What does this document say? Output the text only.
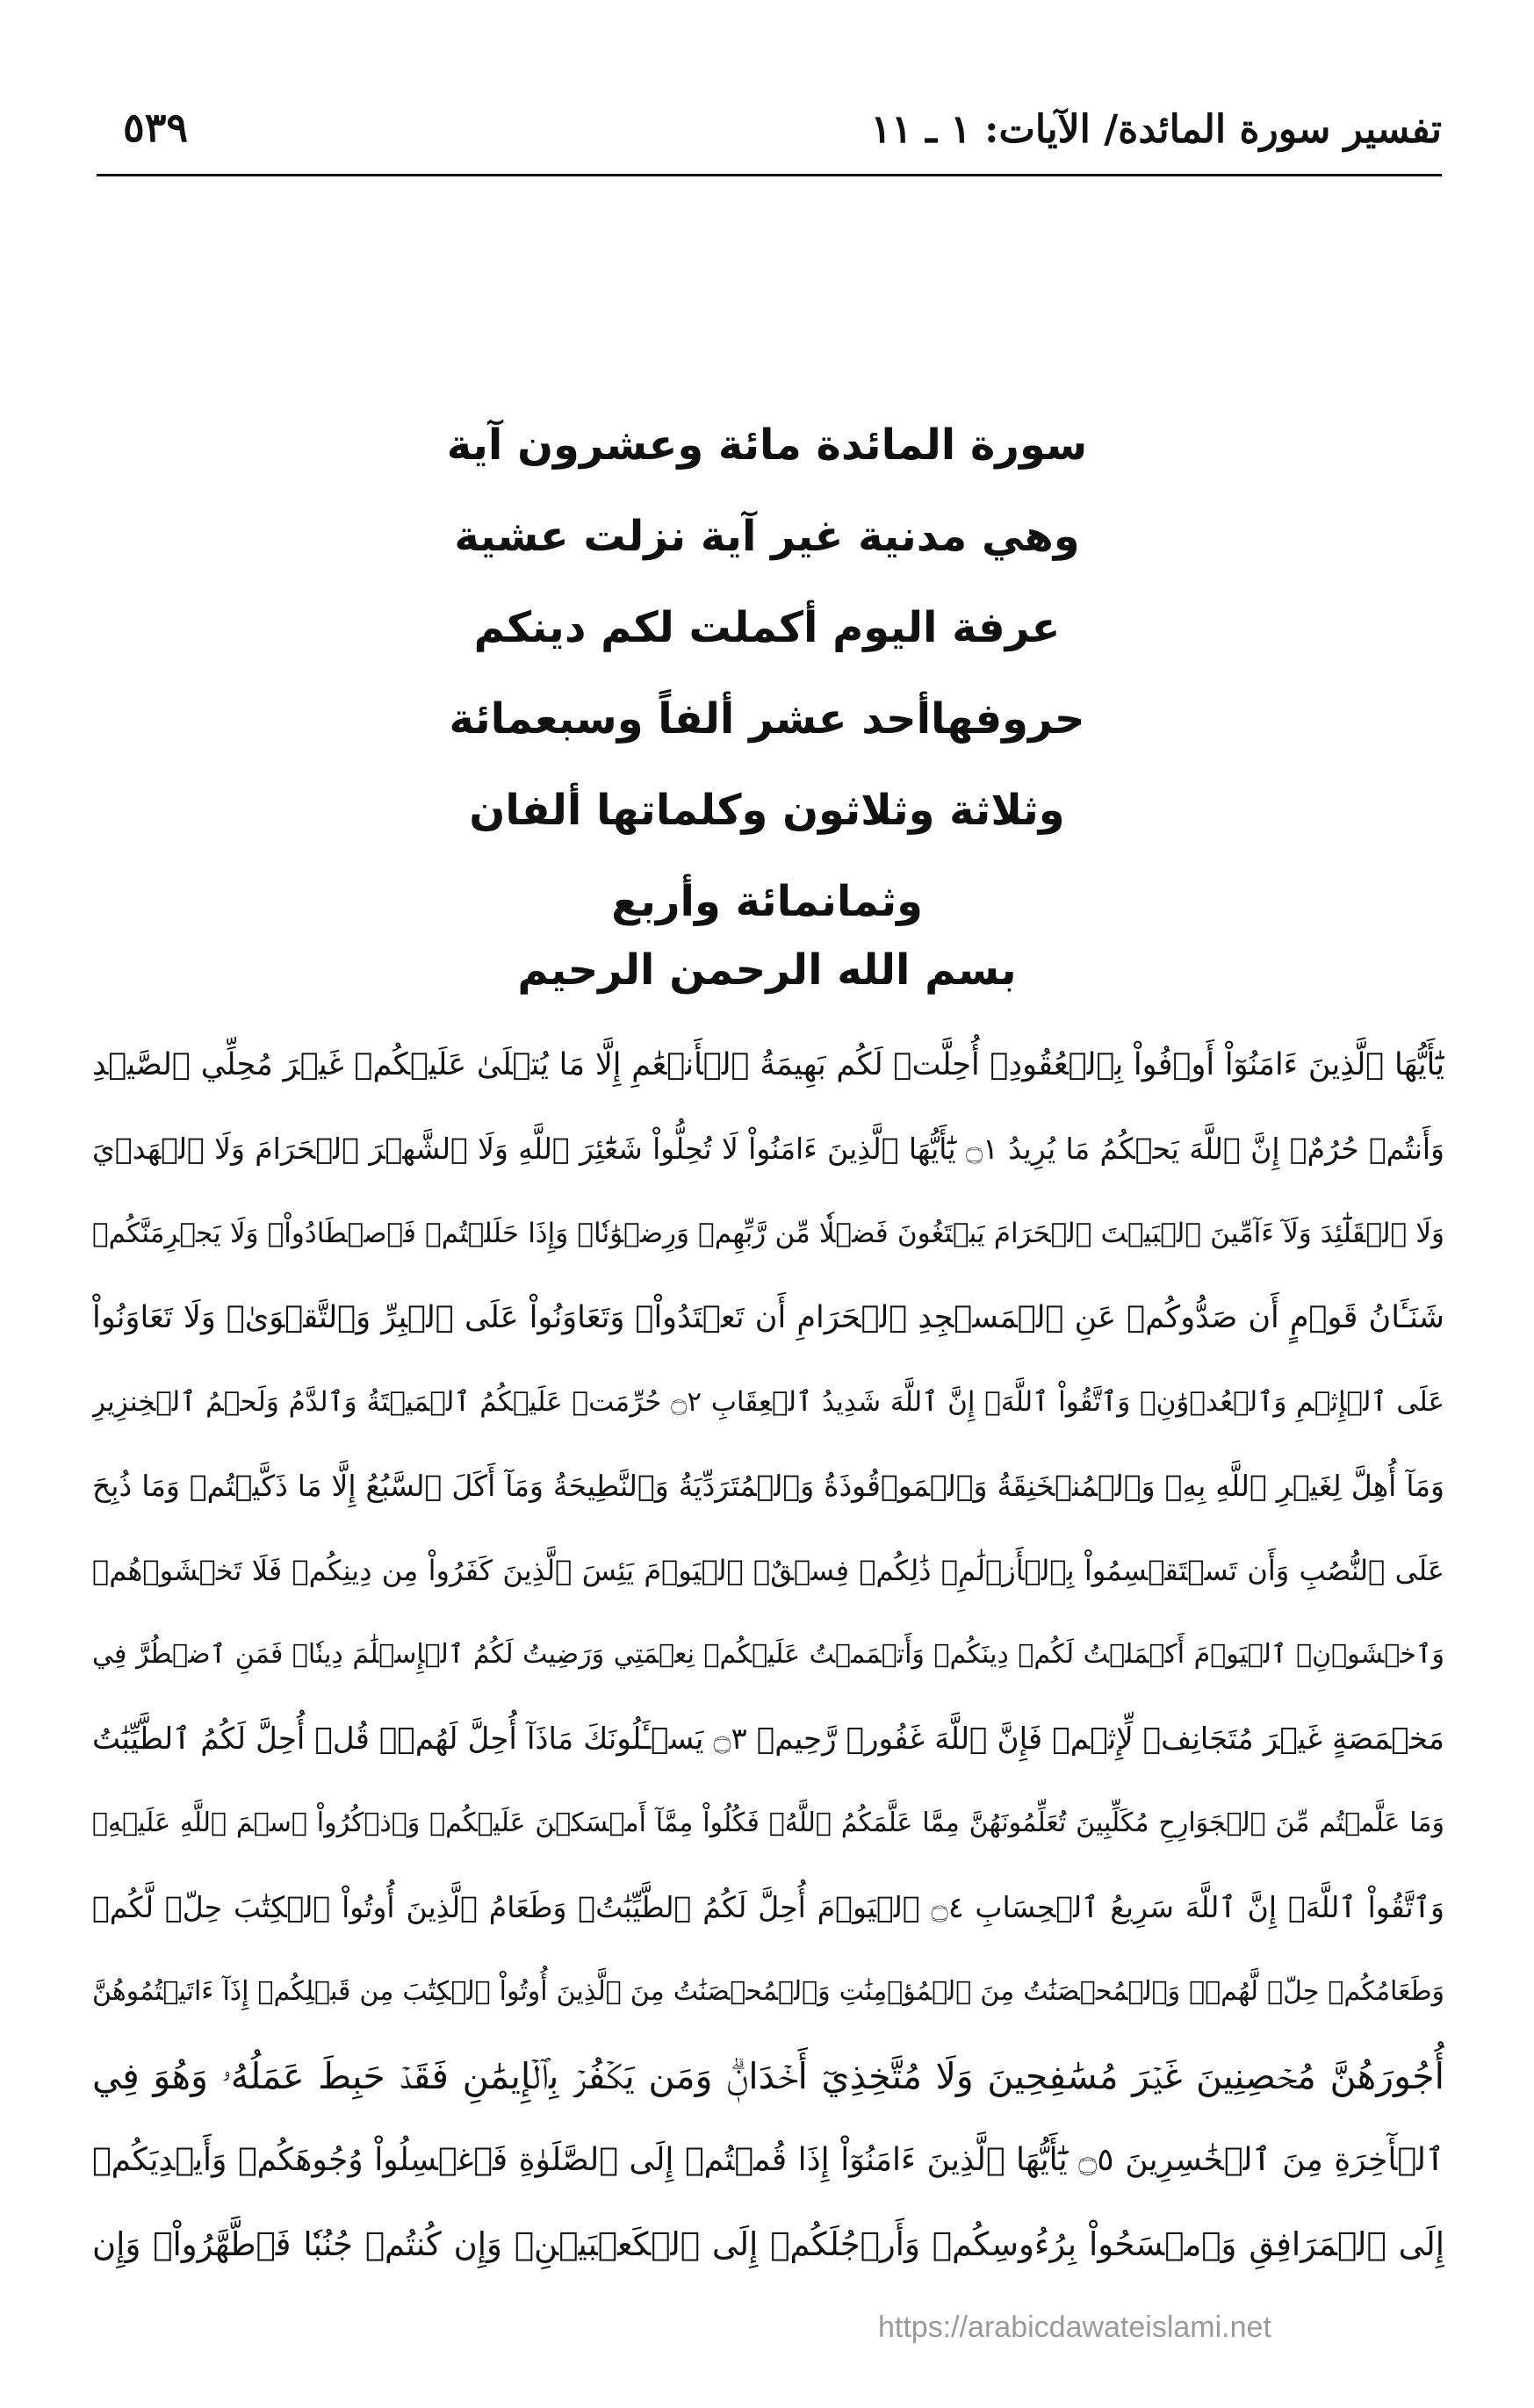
تفسير سورة المائدة/ الآيات: ١ ـ ١١
٥٣٩
سورة المائدة مائة وعشرون آية
وهي مدنية غير آية نزلت عشية
عرفة اليوم أكملت لكم دينكم
حروفهاأحد عشر ألفاً وسبعمائة
وثلاثة وثلاثون وكلماتها ألفان
وثمانمائة وأربع
بسم الله الرحمن الرحيم
يَٰٓأَيُّهَا ٱلَّذِينَ ءَامَنُوٓاْ أَوۡفُواْ بِٱلۡعُقُودِۚ أُحِلَّتۡ لَكُم بَهِيمَةُ ٱلۡأَنۡعَٰمِ إِلَّا مَا يُتۡلَىٰ عَلَيۡكُمۡ غَيۡرَ مُحِلِّي ٱلصَّيۡدِ
وَأَنتُمۡ حُرُمٌۗ إِنَّ ٱللَّهَ يَحۡكُمُ مَا يُرِيدُ ۝١ يَٰٓأَيُّهَا ٱلَّذِينَ ءَامَنُواْ لَا تُحِلُّواْ شَعَٰٓئِرَ ٱللَّهِ وَلَا ٱلشَّهۡرَ ٱلۡحَرَامَ وَلَا ٱلۡهَدۡيَ
وَلَا ٱلۡقَلَٰٓئِدَ وَلَآ ءَآمِّينَ ٱلۡبَيۡتَ ٱلۡحَرَامَ يَبۡتَغُونَ فَضۡلٗا مِّن رَّبِّهِمۡ وَرِضۡوَٰنٗاۚ وَإِذَا حَلَلۡتُمۡ فَٱصۡطَادُواْۚ وَلَا يَجۡرِمَنَّكُمۡ
شَنَـَٔانُ قَوۡمٍ أَن صَدُّوكُمۡ عَنِ ٱلۡمَسۡجِدِ ٱلۡحَرَامِ أَن تَعۡتَدُواْۘ وَتَعَاوَنُواْ عَلَى ٱلۡبِرِّ وَٱلتَّقۡوَىٰۖ وَلَا تَعَاوَنُواْ
عَلَى ٱلۡإِثۡمِ وَٱلۡعُدۡوَٰنِۚ وَٱتَّقُواْ ٱللَّهَۖ إِنَّ ٱللَّهَ شَدِيدُ ٱلۡعِقَابِ ۝٢ حُرِّمَتۡ عَلَيۡكُمُ ٱلۡمَيۡتَةُ وَٱلدَّمُ وَلَحۡمُ ٱلۡخِنزِيرِ
وَمَآ أُهِلَّ لِغَيۡرِ ٱللَّهِ بِهِۦ وَٱلۡمُنۡخَنِقَةُ وَٱلۡمَوۡقُوذَةُ وَٱلۡمُتَرَدِّيَةُ وَٱلنَّطِيحَةُ وَمَآ أَكَلَ ٱلسَّبُعُ إِلَّا مَا ذَكَّيۡتُمۡ وَمَا ذُبِحَ
عَلَى ٱلنُّصُبِ وَأَن تَسۡتَقۡسِمُواْ بِٱلۡأَزۡلَٰمِۚ ذَٰلِكُمۡ فِسۡقٌۗ ٱلۡيَوۡمَ يَئِسَ ٱلَّذِينَ كَفَرُواْ مِن دِينِكُمۡ فَلَا تَخۡشَوۡهُمۡ
وَٱخۡشَوۡنِۚ ٱلۡيَوۡمَ أَكۡمَلۡتُ لَكُمۡ دِينَكُمۡ وَأَتۡمَمۡتُ عَلَيۡكُمۡ نِعۡمَتِي وَرَضِيتُ لَكُمُ ٱلۡإِسۡلَٰمَ دِينٗاۚ فَمَنِ ٱضۡطُرَّ فِي
مَخۡمَصَةٍ غَيۡرَ مُتَجَانِفٖ لِّإِثۡمٖ فَإِنَّ ٱللَّهَ غَفُورٞ رَّحِيمٞ ۝٣ يَسۡـَٔلُونَكَ مَاذَآ أُحِلَّ لَهُمۡۖ قُلۡ أُحِلَّ لَكُمُ ٱلطَّيِّبَٰتُ
وَمَا عَلَّمۡتُم مِّنَ ٱلۡجَوَارِحِ مُكَلِّبِينَ تُعَلِّمُونَهُنَّ مِمَّا عَلَّمَكُمُ ٱللَّهُۖ فَكُلُواْ مِمَّآ أَمۡسَكۡنَ عَلَيۡكُمۡ وَٱذۡكُرُواْ ٱسۡمَ ٱللَّهِ عَلَيۡهِۖ
وَٱتَّقُواْ ٱللَّهَۚ إِنَّ ٱللَّهَ سَرِيعُ ٱلۡحِسَابِ ۝٤ ٱلۡيَوۡمَ أُحِلَّ لَكُمُ ٱلطَّيِّبَٰتُۖ وَطَعَامُ ٱلَّذِينَ أُوتُواْ ٱلۡكِتَٰبَ حِلّٞ لَّكُمۡ
وَطَعَامُكُمۡ حِلّٞ لَّهُمۡۖ وَٱلۡمُحۡصَنَٰتُ مِنَ ٱلۡمُؤۡمِنَٰتِ وَٱلۡمُحۡصَنَٰتُ مِنَ ٱلَّذِينَ أُوتُواْ ٱلۡكِتَٰبَ مِن قَبۡلِكُمۡ إِذَآ ءَاتَيۡتُمُوهُنَّ
أُجُورَهُنَّ مُحۡصِنِينَ غَيۡرَ مُسَٰفِحِينَ وَلَا مُتَّخِذِيٓ أَخۡدَانٖۗ وَمَن يَكۡفُرۡ بِٱلۡإِيمَٰنِ فَقَدۡ حَبِطَ عَمَلُهُۥ وَهُوَ فِي
ٱلۡأٓخِرَةِ مِنَ ٱلۡخَٰسِرِينَ ۝٥ يَٰٓأَيُّهَا ٱلَّذِينَ ءَامَنُوٓاْ إِذَا قُمۡتُمۡ إِلَى ٱلصَّلَوٰةِ فَٱغۡسِلُواْ وُجُوهَكُمۡ وَأَيۡدِيَكُمۡ
إِلَى ٱلۡمَرَافِقِ وَٱمۡسَحُواْ بِرُءُوسِكُمۡ وَأَرۡجُلَكُمۡ إِلَى ٱلۡكَعۡبَيۡنِۚ وَإِن كُنتُمۡ جُنُبٗا فَٱطَّهَّرُواْۚ وَإِن
https://arabicdawateislami.net
